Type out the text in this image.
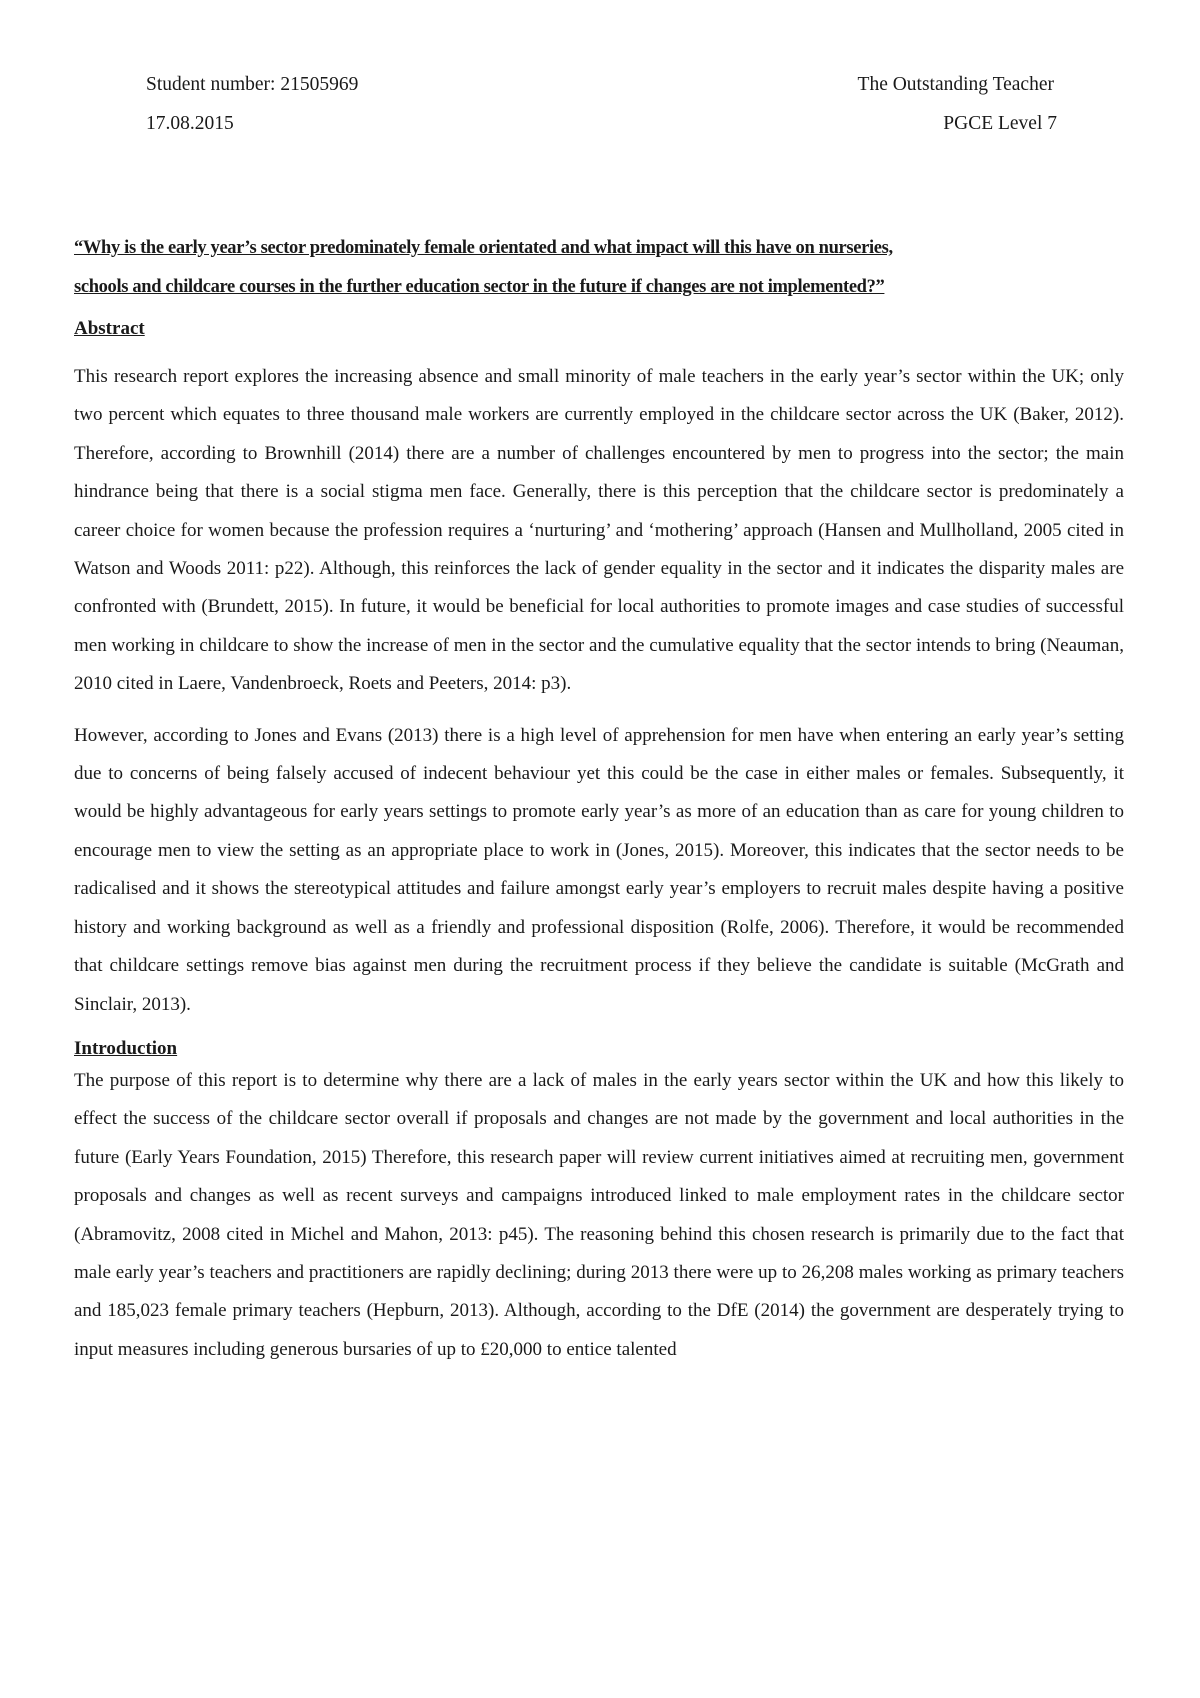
Student number: 21505969
17.08.2015
The Outstanding Teacher
PGCE Level 7
“Why is the early year’s sector predominately female orientated and what impact will this have on nurseries,
schools and childcare courses in the further education sector in the future if changes are not implemented?”
Abstract

This research report explores the increasing absence and small minority of male teachers in the early year’s sector within the UK; only two percent which equates to three thousand male workers are currently employed in the childcare sector across the UK (Baker, 2012). Therefore, according to Brownhill (2014) there are a number of challenges encountered by men to progress into the sector; the main hindrance being that there is a social stigma men face. Generally, there is this perception that the childcare sector is predominately a career choice for women because the profession requires a ‘nurturing’ and ‘mothering’ approach (Hansen and Mullholland, 2005 cited in Watson and Woods 2011: p22). Although, this reinforces the lack of gender equality in the sector and it indicates the disparity males are confronted with (Brundett, 2015). In future, it would be beneficial for local authorities to promote images and case studies of successful men working in childcare to show the increase of men in the sector and the cumulative equality that the sector intends to bring (Neauman, 2010 cited in Laere, Vandenbroeck, Roets and Peeters, 2014: p3).

However, according to Jones and Evans (2013) there is a high level of apprehension for men have when entering an early year’s setting due to concerns of being falsely accused of indecent behaviour yet this could be the case in either males or females. Subsequently, it would be highly advantageous for early years settings to promote early year’s as more of an education than as care for young children to encourage men to view the setting as an appropriate place to work in (Jones, 2015). Moreover, this indicates that the sector needs to be radicalised and it shows the stereotypical attitudes and failure amongst early year’s employers to recruit males despite having a positive history and working background as well as a friendly and professional disposition (Rolfe, 2006). Therefore, it would be recommended that childcare settings remove bias against men during the recruitment process if they believe the candidate is suitable (McGrath and Sinclair, 2013).

Introduction

The purpose of this report is to determine why there are a lack of males in the early years sector within the UK and how this likely to effect the success of the childcare sector overall if proposals and changes are not made by the government and local authorities in the future (Early Years Foundation, 2015) Therefore, this research paper will review current initiatives aimed at recruiting men, government proposals and changes as well as recent surveys and campaigns introduced linked to male employment rates in the childcare sector (Abramovitz, 2008 cited in Michel and Mahon, 2013: p45). The reasoning behind this chosen research is primarily due to the fact that male early year’s teachers and practitioners are rapidly declining; during 2013 there were up to 26,208 males working as primary teachers and 185,023 female primary teachers (Hepburn, 2013). Although, according to the DfE (2014) the government are desperately trying to input measures including generous bursaries of up to £20,000 to entice talented
